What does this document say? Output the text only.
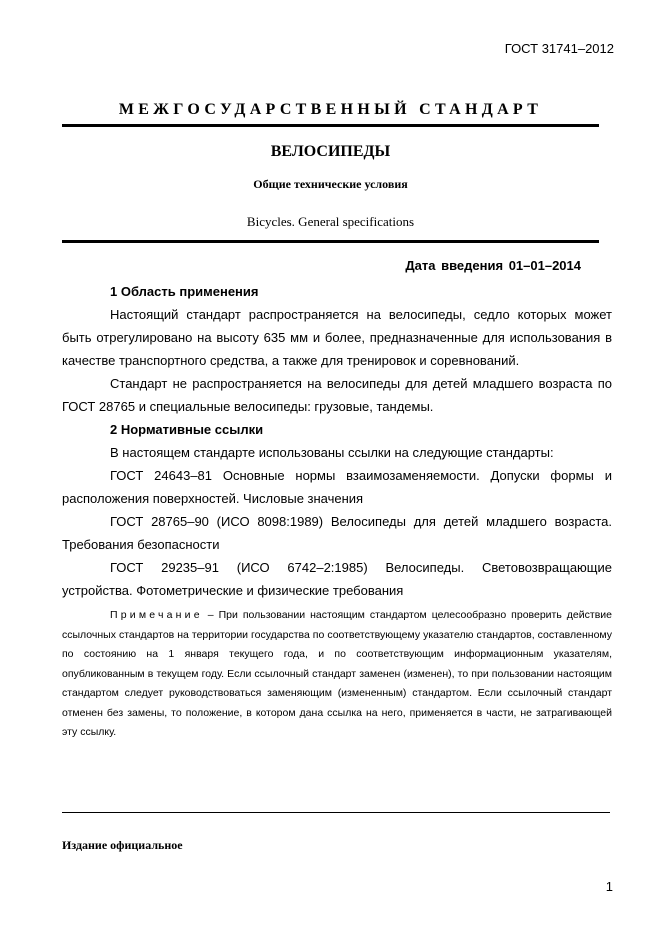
ГОСТ 31741–2012
МЕЖГОСУДАРСТВЕННЫЙ СТАНДАРТ
ВЕЛОСИПЕДЫ
Общие технические условия
Bicycles. General specifications
Дата введения 01–01–2014

1 Область применения

Настоящий стандарт распространяется на велосипеды, седло которых может быть отрегулировано на высоту 635 мм и более, предназначенные для использования в качестве транспортного средства, а также для тренировок и соревнований.

Стандарт не распространяется на велосипеды для детей младшего возраста по ГОСТ 28765 и специальные велосипеды: грузовые, тандемы.

2 Нормативные ссылки

В настоящем стандарте использованы ссылки на следующие стандарты:

ГОСТ 24643–81 Основные нормы взаимозаменяемости. Допуски формы и расположения поверхностей. Числовые значения

ГОСТ 28765–90 (ИСО 8098:1989) Велосипеды для детей младшего возраста. Требования безопасности

ГОСТ 29235–91 (ИСО 6742–2:1985) Велосипеды. Световозвращающие устройства. Фотометрические и физические требования

Примечание – При пользовании настоящим стандартом целесообразно проверить действие ссылочных стандартов на территории государства по соответствующему указателю стандартов, составленному по состоянию на 1 января текущего года, и по соответствующим информационным указателям, опубликованным в текущем году. Если ссылочный стандарт заменен (изменен), то при пользовании настоящим стандартом следует руководствоваться заменяющим (измененным) стандартом. Если ссылочный стандарт отменен без замены, то положение, в котором дана ссылка на него, применяется в части, не затрагивающей эту ссылку.

Издание официальное
1
